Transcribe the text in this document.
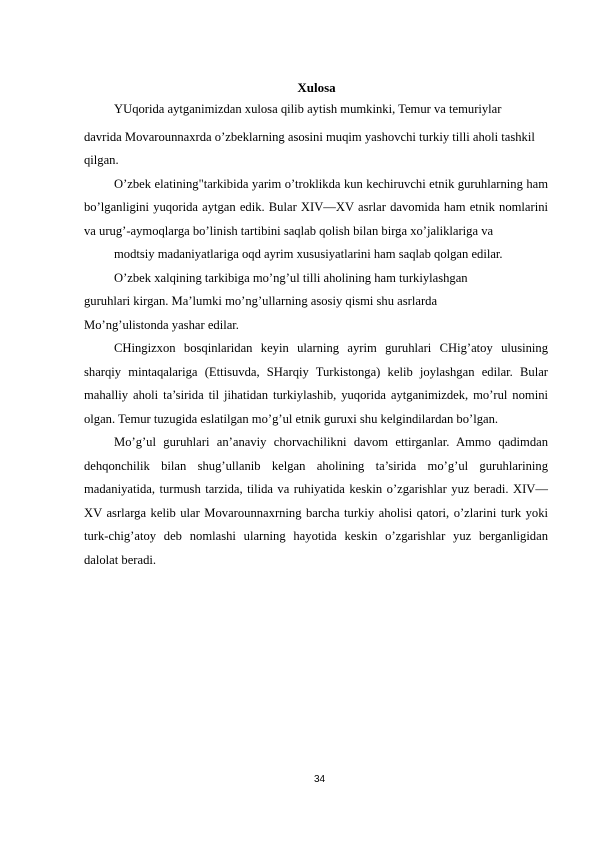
Xulosa

YUqorida aytganimizdan xulosa qilib aytish mumkinki, Temur va temuriylar

davrida Movarounnaxrda o’zbeklarning asosini muqim yashovchi turkiy tilli aholi tashkil qilgan.

O’zbek elatining"tarkibida yarim o’troklikda kun kechiruvchi etnik guruhlarning ham bo’lganligini yuqorida aytgan edik. Bular XIV—XV asrlar davomida ham etnik nomlarini va urug’-aymoqlarga bo’linish tartibini saqlab qolish bilan birga xo’jaliklariga va

modtsiy madaniyatlariga oqd ayrim xususiyatlarini ham saqlab qolgan edilar.

O’zbek xalqining tarkibiga mo’ng’ul tilli aholining ham turkiylashgan

guruhlari kirgan. Ma’lumki mo’ng’ullarning asosiy qismi shu asrlarda Mo’ng’ulistonda yashar edilar.

CHingizxon bosqinlaridan keyin ularning ayrim guruhlari CHig’atoy ulusining sharqiy mintaqalariga (Ettisuvda, SHarqiy Turkistonga) kelib joylashgan edilar. Bular mahalliy aholi ta’sirida til jihatidan turkiylashib, yuqorida aytganimizdek, mo’rul nomini olgan. Temur tuzugida eslatilgan mo’g’ul etnik guruxi shu kelgindilardan bo’lgan.

Mo’g’ul guruhlari an’anaviy chorvachilikni davom ettirganlar. Ammo qadimdan dehqonchilik bilan shug’ullanib kelgan aholining ta’sirida mo’g’ul guruhlarining madaniyatida, turmush tarzida, tilida va ruhiyatida keskin o’zgarishlar yuz beradi. XIV—XV asrlarga kelib ular Movarounnaxrning barcha turkiy aholisi qatori, o’zlarini turk yoki turk-chig’atoy deb nomlashi ularning hayotida keskin o’zgarishlar yuz berganligidan dalolat beradi.

34
